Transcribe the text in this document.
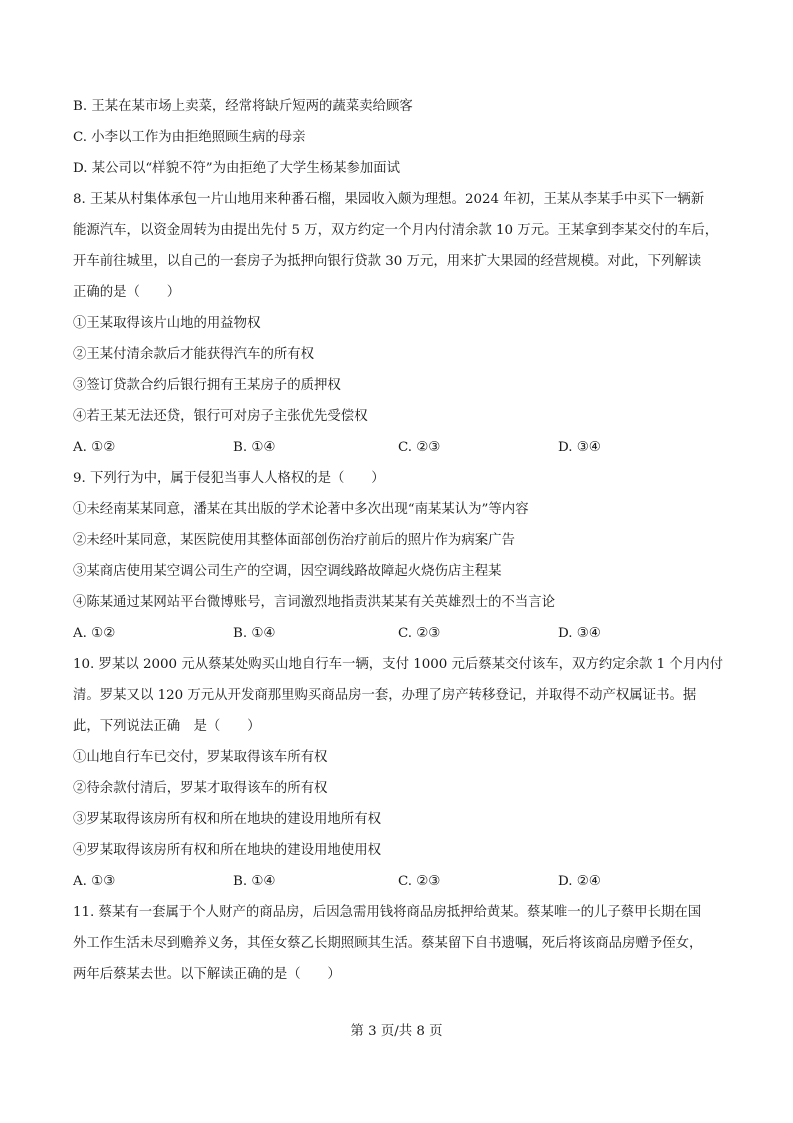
B. 王某在某市场上卖菜，经常将缺斤短两的蔬菜卖给顾客
C. 小李以工作为由拒绝照顾生病的母亲
D. 某公司以“样貌不符”为由拒绝了大学生杨某参加面试
8. 王某从村集体承包一片山地用来种番石榴，果园收入颇为理想。2024 年初，王某从李某手中买下一辆新
能源汽车，以资金周转为由提出先付 5 万，双方约定一个月内付清余款 10 万元。王某拿到李某交付的车后，
开车前往城里，以自己的一套房子为抵押向银行贷款 30 万元，用来扩大果园的经营规模。对此，下列解读
正确的是（　　）
①王某取得该片山地的用益物权
②王某付清余款后才能获得汽车的所有权
③签订贷款合约后银行拥有王某房子的质押权
④若王某无法还贷，银行可对房子主张优先受偿权
A. ①②	B. ①④	C. ②③	D. ③④
9. 下列行为中，属于侵犯当事人人格权的是（　　）
①未经南某某同意，潘某在其出版的学术论著中多次出现“南某某认为”等内容
②未经叶某同意，某医院使用其整体面部创伤治疗前后的照片作为病案广告
③某商店使用某空调公司生产的空调，因空调线路故障起火烧伤店主程某
④陈某通过某网站平台微博账号，言词激烈地指责洪某某有关英雄烈士的不当言论
A. ①②	B. ①④	C. ②③	D. ③④
10. 罗某以 2000 元从蔡某处购买山地自行车一辆，支付 1000 元后蔡某交付该车，双方约定余款 1 个月内付
清。罗某又以 120 万元从开发商那里购买商品房一套，办理了房产转移登记，并取得不动产权属证书。据
此，下列说法正确　是（　　）
①山地自行车已交付，罗某取得该车所有权
②待余款付清后，罗某才取得该车的所有权
③罗某取得该房所有权和所在地块的建设用地所有权
④罗某取得该房所有权和所在地块的建设用地使用权
A. ①③	B. ①④	C. ②③	D. ②④
11. 蔡某有一套属于个人财产的商品房，后因急需用钱将商品房抵押给黄某。蔡某唯一的儿子蔡甲长期在国
外工作生活未尽到赡养义务，其侄女蔡乙长期照顾其生活。蔡某留下自书遗嘱，死后将该商品房赠予侄女，
两年后蔡某去世。以下解读正确的是（　　）
第 3 页/共 8 页
